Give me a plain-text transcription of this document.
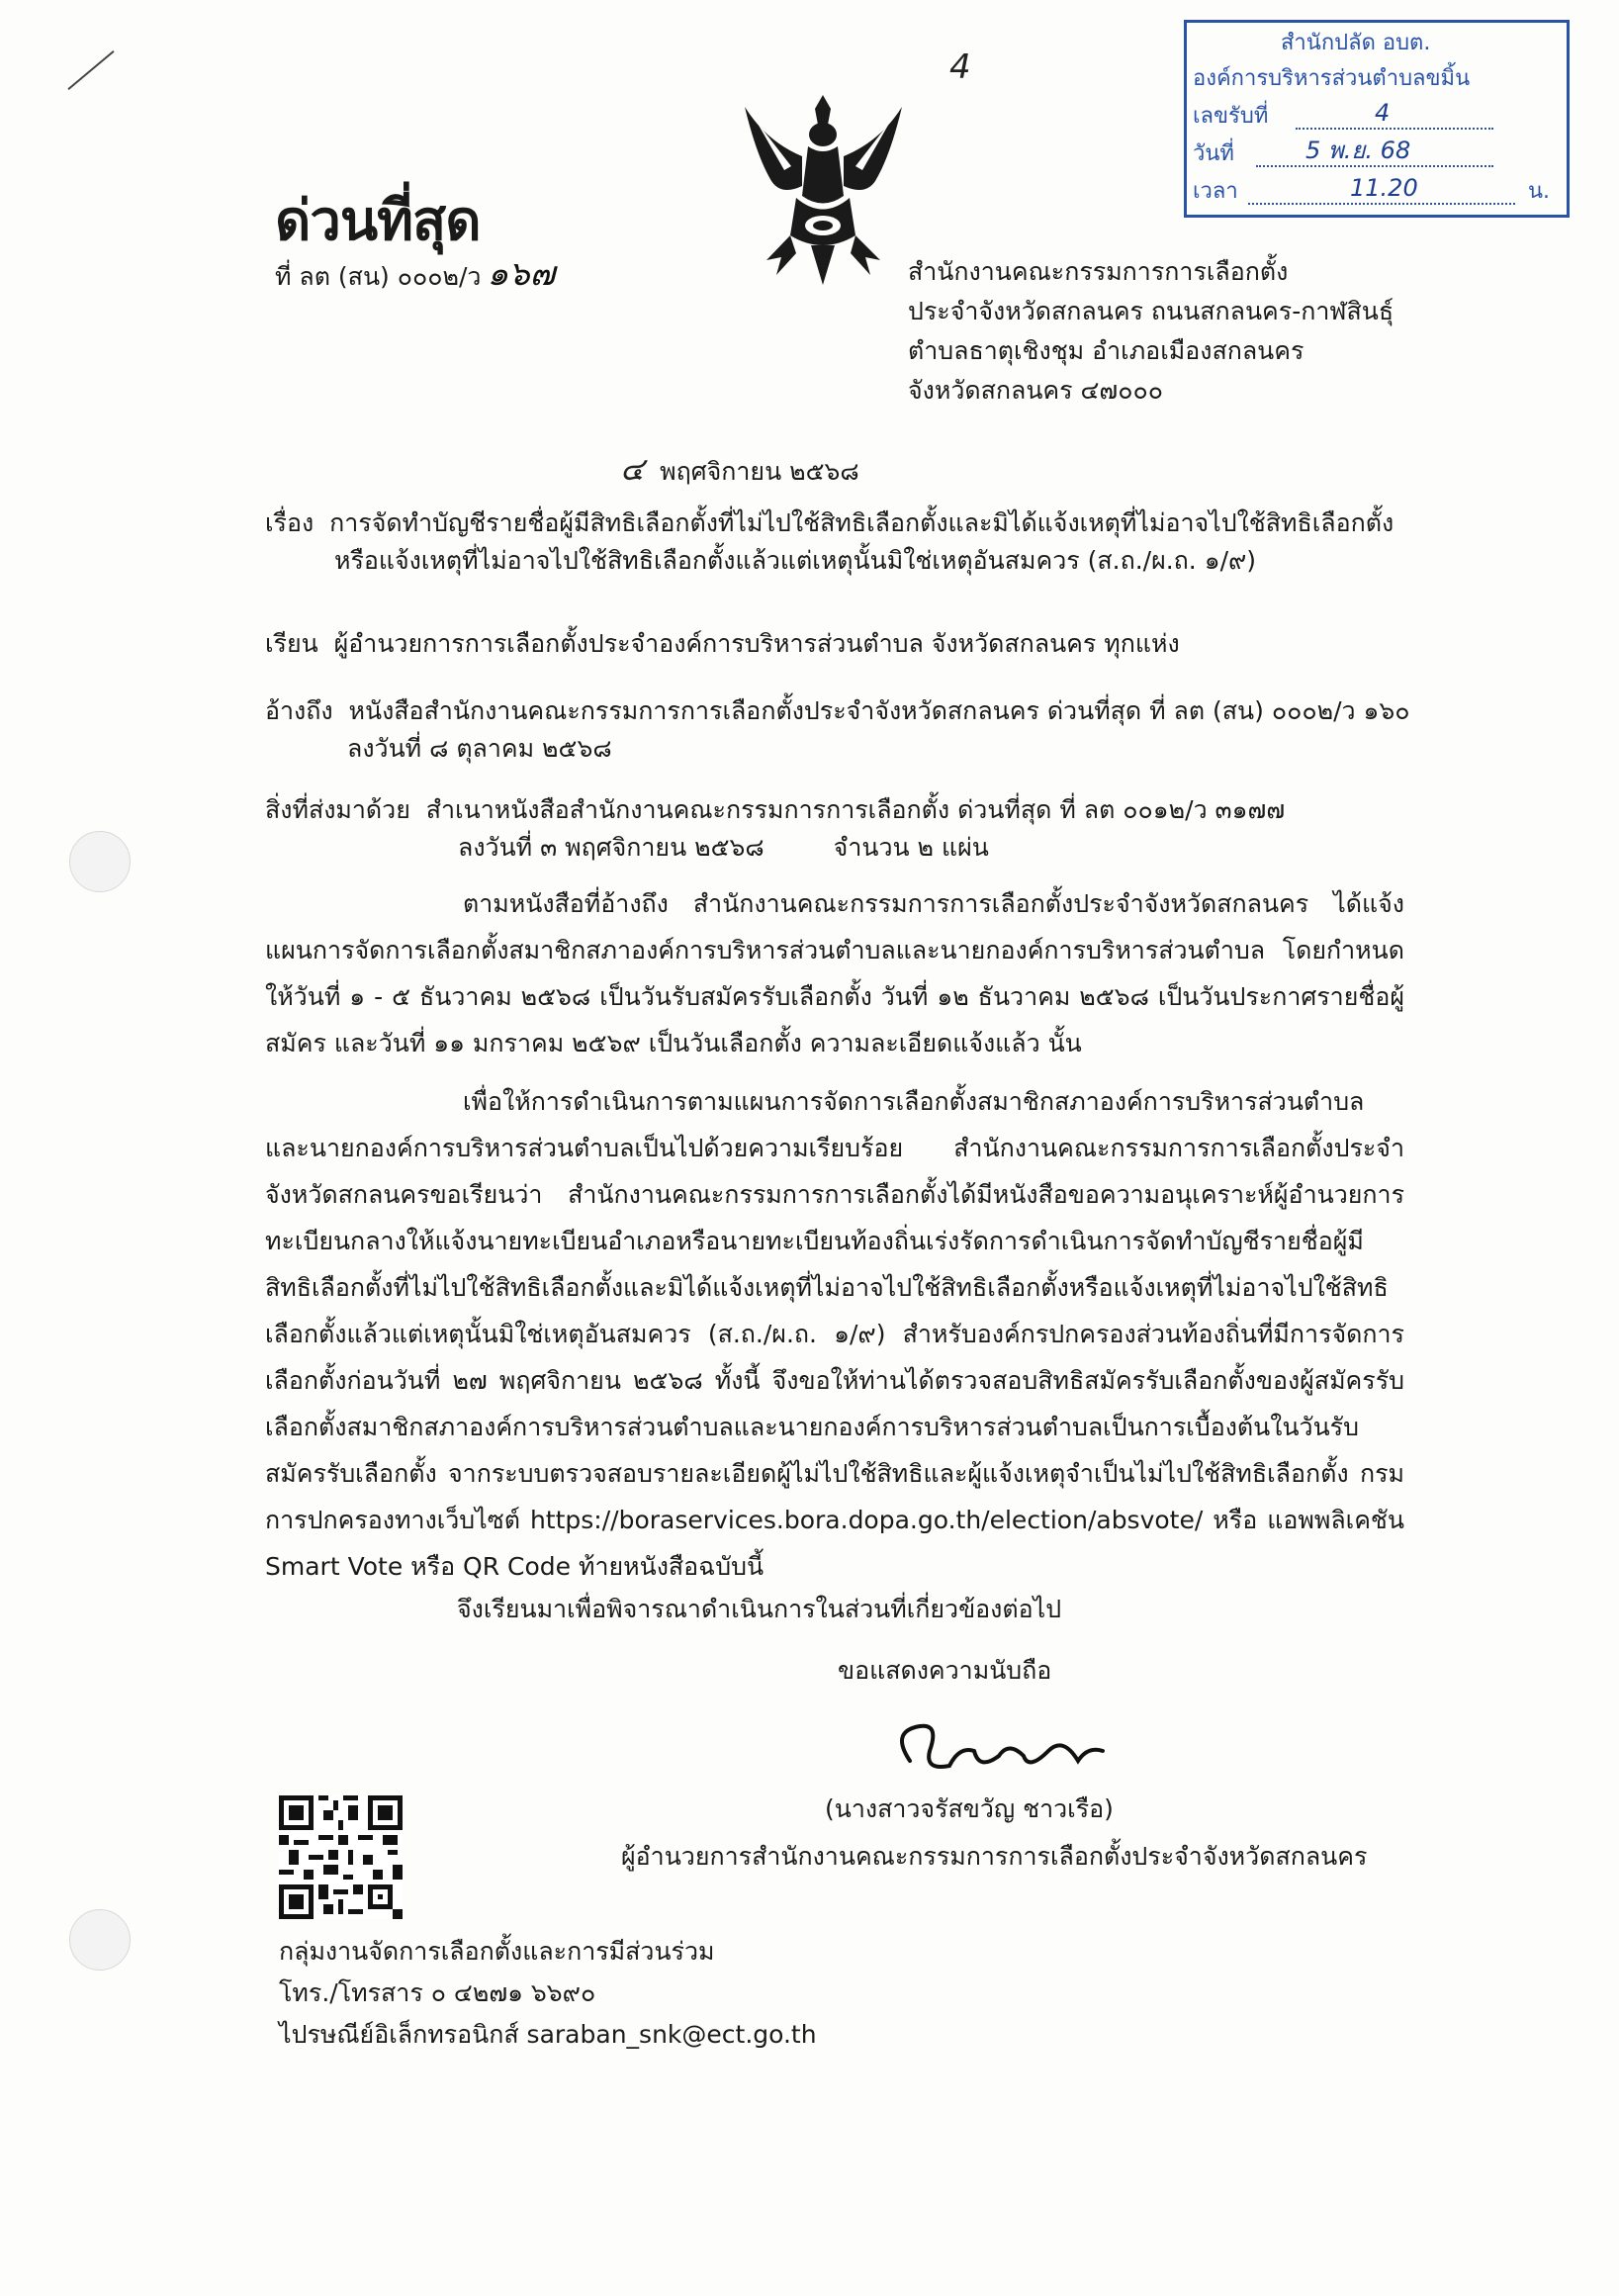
4
สำนักปลัด อบต.
องค์การบริหารส่วนตำบลขมิ้น
เลขรับที่	4
วันที่	5 พ.ย. 68
เวลา	11.20	น.
ด่วนที่สุด
ที่ ลต (สน) ๐๐๐๒/ว ๑๖๗	สำนักงานคณะกรรมการการเลือกตั้ง
ประจำจังหวัดสกลนคร ถนนสกลนคร-กาฬสินธุ์
ตำบลธาตุเชิงชุม อำเภอเมืองสกลนคร
จังหวัดสกลนคร ๔๗๐๐๐
๔ พฤศจิกายน ๒๕๖๘
เรื่อง การจัดทำบัญชีรายชื่อผู้มีสิทธิเลือกตั้งที่ไม่ไปใช้สิทธิเลือกตั้งและมิได้แจ้งเหตุที่ไม่อาจไปใช้สิทธิเลือกตั้ง
หรือแจ้งเหตุที่ไม่อาจไปใช้สิทธิเลือกตั้งแล้วแต่เหตุนั้นมิใช่เหตุอันสมควร (ส.ถ./ผ.ถ. ๑/๙)
เรียน ผู้อำนวยการการเลือกตั้งประจำองค์การบริหารส่วนตำบล จังหวัดสกลนคร ทุกแห่ง
อ้างถึง หนังสือสำนักงานคณะกรรมการการเลือกตั้งประจำจังหวัดสกลนคร ด่วนที่สุด ที่ ลต (สน) ๐๐๐๒/ว ๑๖๐
ลงวันที่ ๘ ตุลาคม ๒๕๖๘
สิ่งที่ส่งมาด้วย สำเนาหนังสือสำนักงานคณะกรรมการการเลือกตั้ง ด่วนที่สุด ที่ ลต ๐๐๑๒/ว ๓๑๗๗
ลงวันที่ ๓ พฤศจิกายน ๒๕๖๘	จำนวน ๒ แผ่น
ตามหนังสือที่อ้างถึง สำนักงานคณะกรรมการการเลือกตั้งประจำจังหวัดสกลนคร ได้แจ้งแผนการจัดการเลือกตั้งสมาชิกสภาองค์การบริหารส่วนตำบลและนายกองค์การบริหารส่วนตำบล โดยกำหนดให้วันที่ ๑ - ๕ ธันวาคม ๒๕๖๘ เป็นวันรับสมัครรับเลือกตั้ง วันที่ ๑๒ ธันวาคม ๒๕๖๘ เป็นวันประกาศรายชื่อผู้สมัคร และวันที่ ๑๑ มกราคม ๒๕๖๙ เป็นวันเลือกตั้ง ความละเอียดแจ้งแล้ว นั้น
เพื่อให้การดำเนินการตามแผนการจัดการเลือกตั้งสมาชิกสภาองค์การบริหารส่วนตำบลและนายกองค์การบริหารส่วนตำบลเป็นไปด้วยความเรียบร้อย สำนักงานคณะกรรมการการเลือกตั้งประจำจังหวัดสกลนครขอเรียนว่า สำนักงานคณะกรรมการการเลือกตั้งได้มีหนังสือขอความอนุเคราะห์ผู้อำนวยการทะเบียนกลางให้แจ้งนายทะเบียนอำเภอหรือนายทะเบียนท้องถิ่นเร่งรัดการดำเนินการจัดทำบัญชีรายชื่อผู้มีสิทธิเลือกตั้งที่ไม่ไปใช้สิทธิเลือกตั้งและมิได้แจ้งเหตุที่ไม่อาจไปใช้สิทธิเลือกตั้งหรือแจ้งเหตุที่ไม่อาจไปใช้สิทธิเลือกตั้งแล้วแต่เหตุนั้นมิใช่เหตุอันสมควร (ส.ถ./ผ.ถ. ๑/๙) สำหรับองค์กรปกครองส่วนท้องถิ่นที่มีการจัดการเลือกตั้งก่อนวันที่ ๒๗ พฤศจิกายน ๒๕๖๘ ทั้งนี้ จึงขอให้ท่านได้ตรวจสอบสิทธิสมัครรับเลือกตั้งของผู้สมัครรับเลือกตั้งสมาชิกสภาองค์การบริหารส่วนตำบลและนายกองค์การบริหารส่วนตำบลเป็นการเบื้องต้นในวันรับสมัครรับเลือกตั้ง จากระบบตรวจสอบรายละเอียดผู้ไม่ไปใช้สิทธิและผู้แจ้งเหตุจำเป็นไม่ไปใช้สิทธิเลือกตั้ง กรมการปกครองทางเว็บไซต์ https://boraservices.bora.dopa.go.th/election/absvote/ หรือ แอพพลิเคชัน Smart Vote หรือ QR Code ท้ายหนังสือฉบับนี้
จึงเรียนมาเพื่อพิจารณาดำเนินการในส่วนที่เกี่ยวข้องต่อไป
ขอแสดงความนับถือ
(นางสาวจรัสขวัญ ชาวเรือ)
ผู้อำนวยการสำนักงานคณะกรรมการการเลือกตั้งประจำจังหวัดสกลนคร
กลุ่มงานจัดการเลือกตั้งและการมีส่วนร่วม
โทร./โทรสาร ๐ ๔๒๗๑ ๖๖๙๐
ไปรษณีย์อิเล็กทรอนิกส์ saraban_snk@ect.go.th
